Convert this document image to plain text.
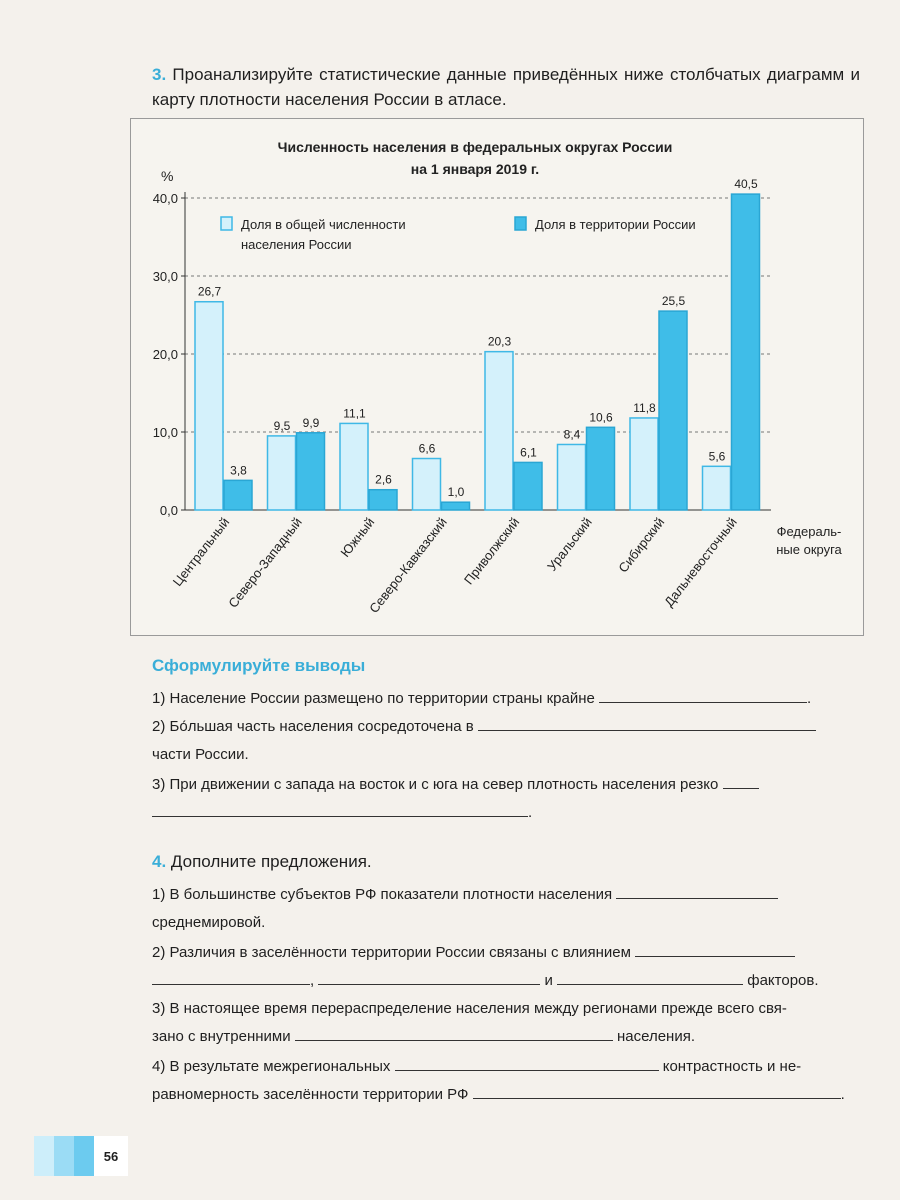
3. Проанализируйте статистические данные приведённых ниже столбчатых диаграмм и карту плотности населения России в атласе.
Численность населения в федеральных округах России
на 1 января 2019 г.
%
0,0
10,0
20,0
30,0
40,0
26,7
3,8
Центральный
9,5 9,9
Северо-Западный
11,1
2,6
Южный
6,6
1,0
Северо-Кавказский
20,3
6,1
Приволжский
8,4
10,6
Уральский
11,8
25,5
Сибирский
5,6
40,5
Дальневосточный	Федераль-
ные округа
Доля в общей численности
населения России
Доля в территории России
Сформулируйте выводы
1) Население России размещено по территории страны крайне	.
2) Бо́льшая часть населения сосредоточена в
части России.
3) При движении с запада на восток и с юга на север плотность населения резко
.
4. Дополните предложения.
1) В большинстве субъектов РФ показатели плотности населения
среднемировой.
2) Различия в заселённости территории России связаны с влиянием
,	и	факторов.
3) В настоящее время перераспределение населения между регионами прежде всего свя-
зано с внутренними	населения.
4) В результате межрегиональных	контрастность и не-
равномерность заселённости территории РФ	.
56
